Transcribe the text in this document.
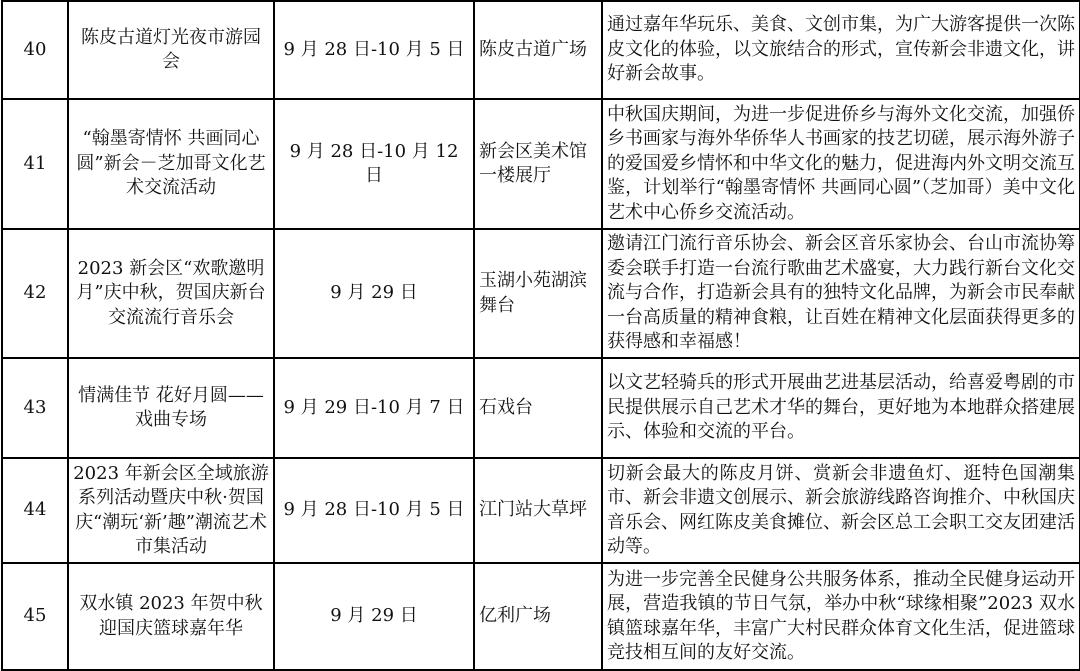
40	陈皮古道灯光夜市游园会	9 月 28 日-10 月 5 日	陈皮古道广场	通过嘉年华玩乐、美食、文创市集，为广大游客提供一次陈皮文化的体验，以文旅结合的形式，宣传新会非遗文化，讲好新会故事。
41	“翰墨寄情怀 共画同心圆”新会－芝加哥文化艺术交流活动	9 月 28 日-10 月 12 日	新会区美术馆一楼展厅	中秋国庆期间，为进一步促进侨乡与海外文化交流，加强侨乡书画家与海外华侨华人书画家的技艺切磋，展示海外游子的爱国爱乡情怀和中华文化的魅力，促进海内外文明交流互鉴，计划举行“翰墨寄情怀 共画同心圆”（芝加哥）美中文化艺术中心侨乡交流活动。
42	2023 新会区“欢歌邀明月”庆中秋，贺国庆新台交流流行音乐会	9 月 29 日	玉湖小苑湖滨舞台	邀请江门流行音乐协会、新会区音乐家协会、台山市流协筹委会联手打造一台流行歌曲艺术盛宴，大力践行新台文化交流与合作，打造新会具有的独特文化品牌，为新会市民奉献一台高质量的精神食粮，让百姓在精神文化层面获得更多的获得感和幸福感！
43	情满佳节 花好月圆——戏曲专场	9 月 29 日-10 月 7 日	石戏台	以文艺轻骑兵的形式开展曲艺进基层活动，给喜爱粤剧的市民提供展示自己艺术才华的舞台，更好地为本地群众搭建展示、体验和交流的平台。
44	2023 年新会区全域旅游系列活动暨庆中秋·贺国庆“潮玩‘新’趣”潮流艺术市集活动	9 月 28 日-10 月 5 日	江门站大草坪	切新会最大的陈皮月饼、赏新会非遗鱼灯、逛特色国潮集市、新会非遗文创展示、新会旅游线路咨询推介、中秋国庆音乐会、网红陈皮美食摊位、新会区总工会职工交友团建活动等。
45	双水镇 2023 年贺中秋迎国庆篮球嘉年华	9 月 29 日	亿利广场	为进一步完善全民健身公共服务体系，推动全民健身运动开展，营造我镇的节日气氛，举办中秋“球缘相聚”2023 双水镇篮球嘉年华，丰富广大村民群众体育文化生活，促进篮球竞技相互间的友好交流。
